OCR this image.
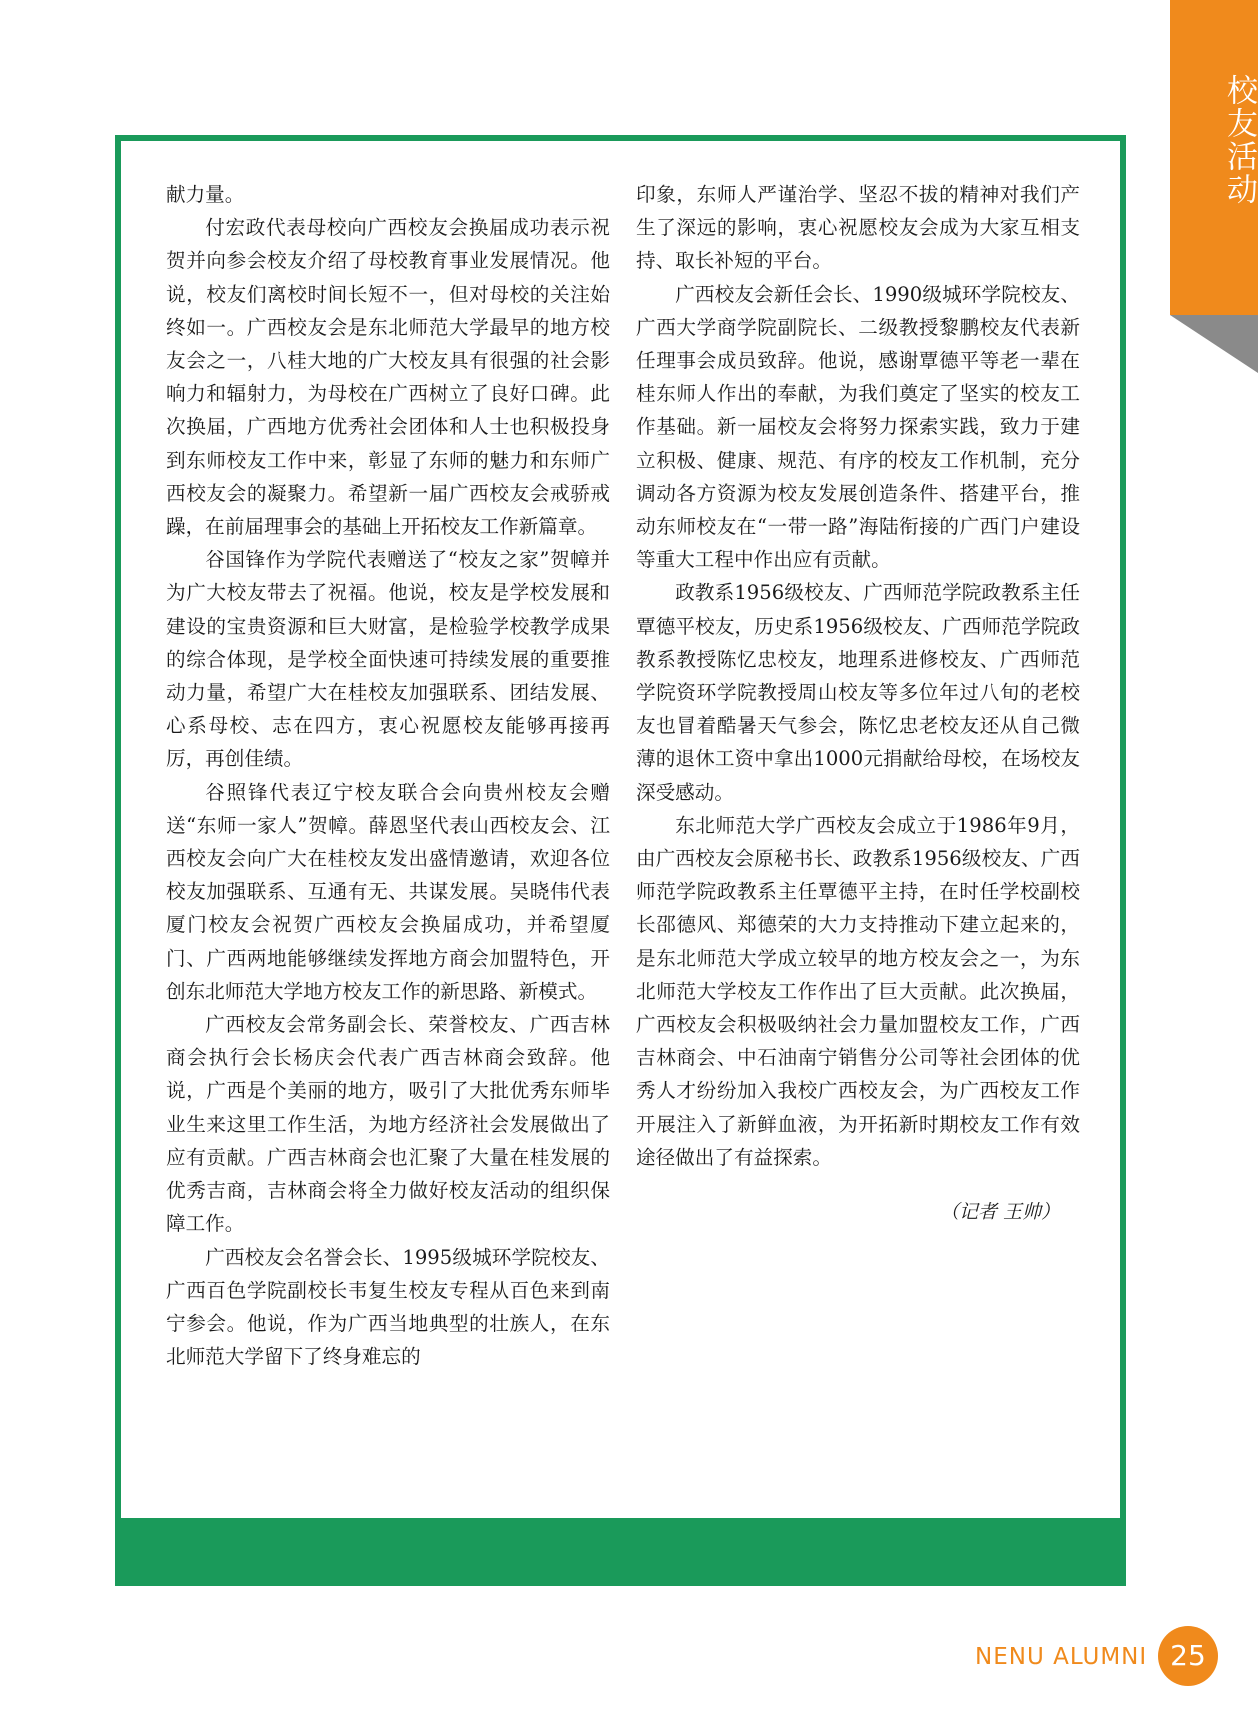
献力量。

付宏政代表母校向广西校友会换届成功表示祝贺并向参会校友介绍了母校教育事业发展情况。他说，校友们离校时间长短不一，但对母校的关注始终如一。广西校友会是东北师范大学最早的地方校友会之一，八桂大地的广大校友具有很强的社会影响力和辐射力，为母校在广西树立了良好口碑。此次换届，广西地方优秀社会团体和人士也积极投身到东师校友工作中来，彰显了东师的魅力和东师广西校友会的凝聚力。希望新一届广西校友会戒骄戒躁，在前届理事会的基础上开拓校友工作新篇章。

谷国锋作为学院代表赠送了“校友之家”贺幛并为广大校友带去了祝福。他说，校友是学校发展和建设的宝贵资源和巨大财富，是检验学校教学成果的综合体现，是学校全面快速可持续发展的重要推动力量，希望广大在桂校友加强联系、团结发展、心系母校、志在四方，衷心祝愿校友能够再接再厉，再创佳绩。

谷照锋代表辽宁校友联合会向贵州校友会赠送“东师一家人”贺幛。薛恩坚代表山西校友会、江西校友会向广大在桂校友发出盛情邀请，欢迎各位校友加强联系、互通有无、共谋发展。吴晓伟代表厦门校友会祝贺广西校友会换届成功，并希望厦门、广西两地能够继续发挥地方商会加盟特色，开创东北师范大学地方校友工作的新思路、新模式。

广西校友会常务副会长、荣誉校友、广西吉林商会执行会长杨庆会代表广西吉林商会致辞。他说，广西是个美丽的地方，吸引了大批优秀东师毕业生来这里工作生活，为地方经济社会发展做出了应有贡献。广西吉林商会也汇聚了大量在桂发展的优秀吉商，吉林商会将全力做好校友活动的组织保障工作。

广西校友会名誉会长、1995级城环学院校友、广西百色学院副校长韦复生校友专程从百色来到南宁参会。他说，作为广西当地典型的壮族人，在东北师范大学留下了终身难忘的

印象，东师人严谨治学、坚忍不拔的精神对我们产生了深远的影响，衷心祝愿校友会成为大家互相支持、取长补短的平台。

广西校友会新任会长、1990级城环学院校友、广西大学商学院副院长、二级教授黎鹏校友代表新任理事会成员致辞。他说，感谢覃德平等老一辈在桂东师人作出的奉献，为我们奠定了坚实的校友工作基础。新一届校友会将努力探索实践，致力于建立积极、健康、规范、有序的校友工作机制，充分调动各方资源为校友发展创造条件、搭建平台，推动东师校友在“一带一路”海陆衔接的广西门户建设等重大工程中作出应有贡献。

政教系1956级校友、广西师范学院政教系主任覃德平校友，历史系1956级校友、广西师范学院政教系教授陈忆忠校友，地理系进修校友、广西师范学院资环学院教授周山校友等多位年过八旬的老校友也冒着酷暑天气参会，陈忆忠老校友还从自己微薄的退休工资中拿出1000元捐献给母校，在场校友深受感动。

东北师范大学广西校友会成立于1986年9月，由广西校友会原秘书长、政教系1956级校友、广西师范学院政教系主任覃德平主持，在时任学校副校长邵德风、郑德荣的大力支持推动下建立起来的，是东北师范大学成立较早的地方校友会之一，为东北师范大学校友工作作出了巨大贡献。此次换届，广西校友会积极吸纳社会力量加盟校友工作，广西吉林商会、中石油南宁销售分公司等社会团体的优秀人才纷纷加入我校广西校友会，为广西校友工作开展注入了新鲜血液，为开拓新时期校友工作有效途径做出了有益探索。

（记者 王帅）

校友活动
NENU ALUMNI 25
